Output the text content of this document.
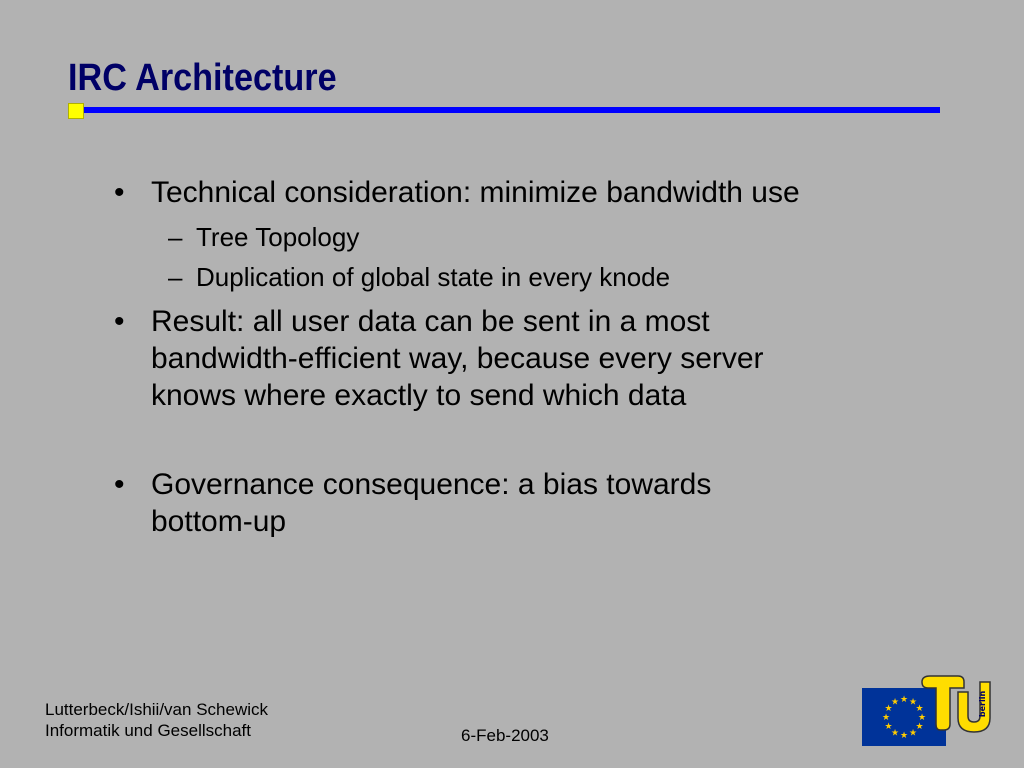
IRC Architecture
• Technical consideration: minimize bandwidth use
– Tree Topology
– Duplication of global state in every knode
• Result: all user data can be sent in a most
bandwidth-efficient way, because every server
knows where exactly to send which data
• Governance consequence: a bias towards
bottom-up
Lutterbeck/Ishii/van Schewick
Informatik und Gesellschaft	6-Feb-2003
★ ★
★
★
★
★
★
★
★
★
★
★	berlin
